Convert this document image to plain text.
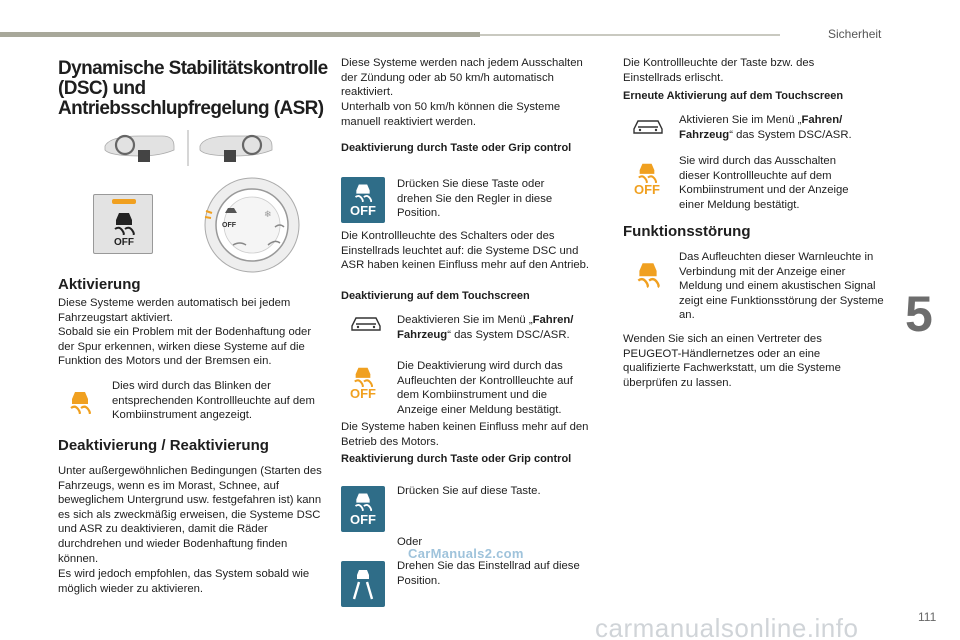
Sicherheit
5
111
Dynamische Stabilitätskontrolle (DSC) und Antriebsschlupfregelung (ASR)
OFF
OFF
❄
Aktivierung
Diese Systeme werden automatisch bei jedem Fahrzeugstart aktiviert.
Sobald sie ein Problem mit der Bodenhaftung oder der Spur erkennen, wirken diese Systeme auf die Funktion des Motors und der Bremsen ein.
Dies wird durch das Blinken der entsprechenden Kontrollleuchte auf dem Kombiinstrument angezeigt.
Deaktivierung / Reaktivierung
Unter außergewöhnlichen Bedingungen (Starten des Fahrzeugs, wenn es im Morast, Schnee, auf beweglichem Untergrund usw. festgefahren ist) kann es sich als zweckmäßig erweisen, die Systeme DSC und ASR zu deaktivieren, damit die Räder durchdrehen und wieder Bodenhaftung finden können.
Es wird jedoch empfohlen, das System sobald wie möglich wieder zu aktivieren.
Diese Systeme werden nach jedem Ausschalten der Zündung oder ab 50 km/h automatisch reaktiviert.
Unterhalb von 50 km/h können die Systeme manuell reaktiviert werden.
Deaktivierung durch Taste oder Grip control
OFF
Drücken Sie diese Taste oder drehen Sie den Regler in diese Position.
Die Kontrollleuchte des Schalters oder des Einstellrads leuchtet auf: die Systeme DSC und ASR haben keinen Einfluss mehr auf den Antrieb.
Deaktivierung auf dem Touchscreen
Deaktivieren Sie im Menü „Fahren/ Fahrzeug“ das System DSC/ASR.
OFF
Die Deaktivierung wird durch das Aufleuchten der Kontrollleuchte auf dem Kombiinstrument und die Anzeige einer Meldung bestätigt.
Die Systeme haben keinen Einfluss mehr auf den Betrieb des Motors.
Reaktivierung durch Taste oder Grip control
OFF
Drücken Sie auf diese Taste.
Oder
CarManuals2.com
Drehen Sie das Einstellrad auf diese Position.
Die Kontrollleuchte der Taste bzw. des Einstellrads erlischt.
Erneute Aktivierung auf dem Touchscreen
Aktivieren Sie im Menü „Fahren/ Fahrzeug“ das System DSC/ASR.
OFF
Sie wird durch das Ausschalten dieser Kontrollleuchte auf dem Kombiinstrument und der Anzeige einer Meldung bestätigt.
Funktionsstörung
Das Aufleuchten dieser Warnleuchte in Verbindung mit der Anzeige einer Meldung und einem akustischen Signal zeigt eine Funktionsstörung der Systeme an.
Wenden Sie sich an einen Vertreter des PEUGEOT-Händlernetzes oder an eine qualifizierte Fachwerkstatt, um die Systeme überprüfen zu lassen.
carmanualsonline.info
